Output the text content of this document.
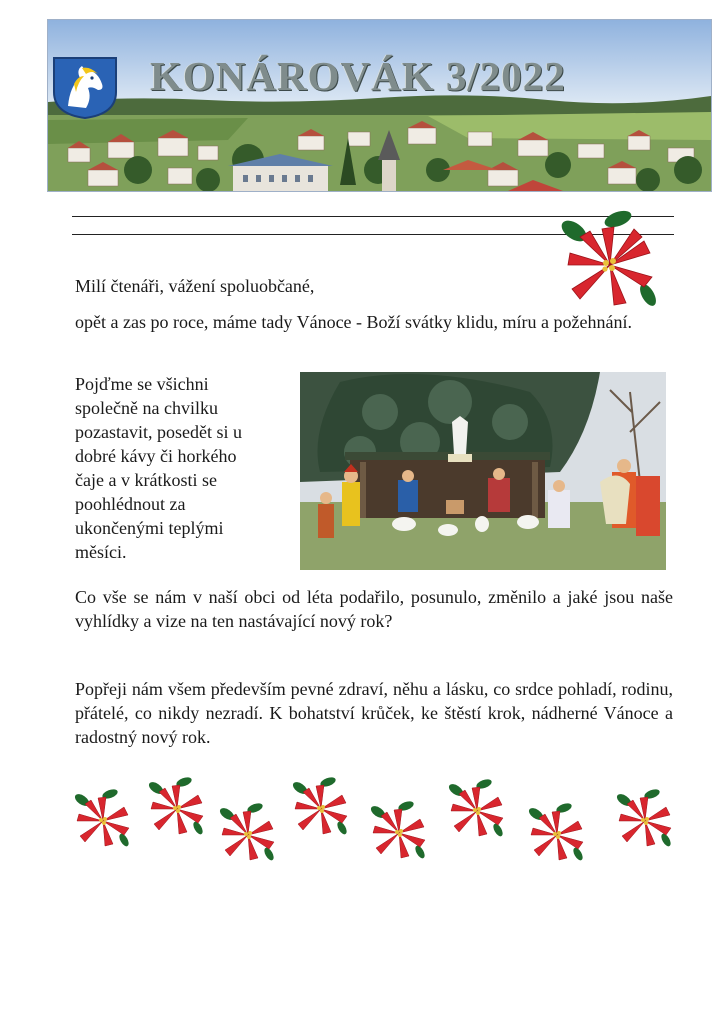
KONÁROVÁK 3/2022

Milí čtenáři, vážení spoluobčané,

opět a zas po roce, máme tady Vánoce - Boží svátky klidu, míru a požehnání.

Pojďme se všichni
společně na chvilku
pozastavit, posedět si u
dobré kávy či horkého
čaje a v krátkosti se
poohlédnout za
ukončenými teplými
měsíci.

Co vše se nám v naší obci od léta podařilo, posunulo, změnilo a jaké jsou naše vyhlídky a vize na ten nastávající nový rok?

Popřeji nám všem především pevné zdraví, něhu a lásku, co srdce pohladí, rodinu, přátelé, co nikdy nezradí. K bohatství krůček, ke štěstí krok, nádherné Vánoce a radostný nový rok.
